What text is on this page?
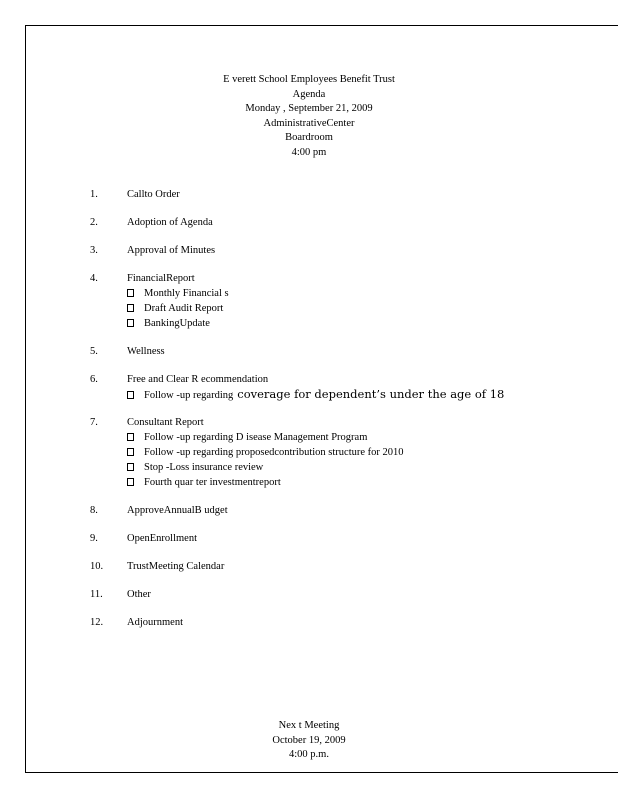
E verett School Employees Benefit Trust
Agenda
Monday , September 21, 2009
AdministrativeCenter
Boardroom
4:00 pm
1.	Callto Order
2.	Adoption of Agenda
3.	Approval of Minutes
4.	FinancialReport
Monthly Financial s
Draft Audit Report
BankingUpdate
5.	Wellness
6.	Free and Clear R ecommendation
Follow -up regarding coverage for dependent’s under the age of 18
7.	Consultant Report
Follow -up regarding D isease Management Program
Follow -up regarding proposedcontribution structure for 2010
Stop -Loss insurance review
Fourth quar ter investmentreport
8.	ApproveAnnualB udget
9.	OpenEnrollment
10.	TrustMeeting Calendar
11.	Other
12.	Adjournment
Nex t Meeting
October 19, 2009
4:00 p.m.
